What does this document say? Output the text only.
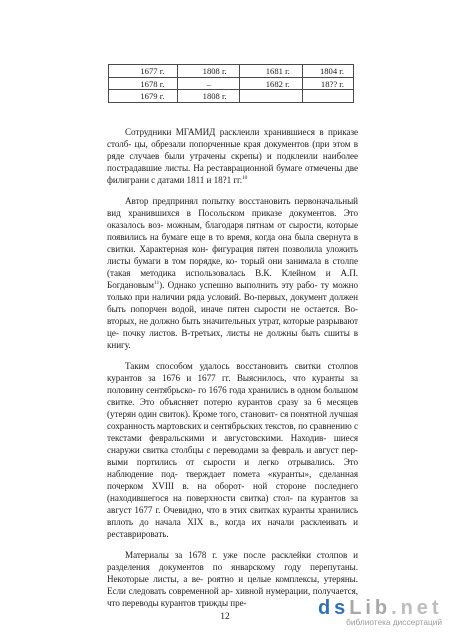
1677 г.	1808 г.	1681 г.	1804 г.
1678 г.	–	1682 г.	18?? г.
1679 г.	1808 г.		

Сотрудники МГАМИД расклеили хранившиеся в приказе столб- цы, обрезали попорченные края документов (при этом в ряде случаев были утрачены скрепы) и подклеили наиболее пострадавшие листы. На реставрационной бумаге отмечены две филиграни с датами 1811 и 18?1 гг.$^{10}$

Автор предпринял попытку восстановить первоначальный вид хранившихся в Посольском приказе документов. Это оказалось воз- можным, благодаря пятнам от сырости, которые появились на бумаге еще в то время, когда она была свернута в свитки. Характерная кон- фигурация пятен позволила уложить листы бумаги в том порядке, ко- торый они занимала в столпе (такая методика использовалась В.К. Клейном и А.П. Богдановым$^{11}$). Однако успешно выполнить эту рабо- ту можно только при наличии ряда условий. Во-первых, документ должен быть попорчен водой, иначе пятен сырости не остается. Во- вторых, не должно быть значительных утрат, которые разрывают це- почку листов. В-третьих, листы не должны быть сшиты в книгу.

Таким способом удалось восстановить свитки столпов курантов за 1676 и 1677 гг. Выяснилось, что куранты за половину сентябрьско- го 1676 года хранились в одном большом свитке. Это объясняет потерю курантов сразу за 6 месяцев (утерян один свиток). Кроме того, становит- ся понятной лучшая сохранность мартовских и сентябрьских текстов, по сравнению с текстами февральскими и августовскими. Находив- шиеся снаружи свитка столбцы с переводами за февраль и август пер- выми портились от сырости и легко отрывались. Это наблюдение под- тверждает помета «куранты», сделанная почерком XVIII в. на оборот- ной стороне последнего (находившегося на поверхности свитка) стол- па курантов за август 1677 г. Очевидно, что в этих свитках куранты хранились вплоть до начала XIX в., когда их начали расклеивать и реставрировать.

Материалы за 1678 г. уже после расклейки столпов и разделения документов по январскому году перепутаны. Некоторые листы, а ве- роятно и целые комплексы, утеряны. Если следовать современной ар- хивной нумерации, получается, что переводы курантов трижды пре-

12	ds Lib .net
библиотека диссертаций
